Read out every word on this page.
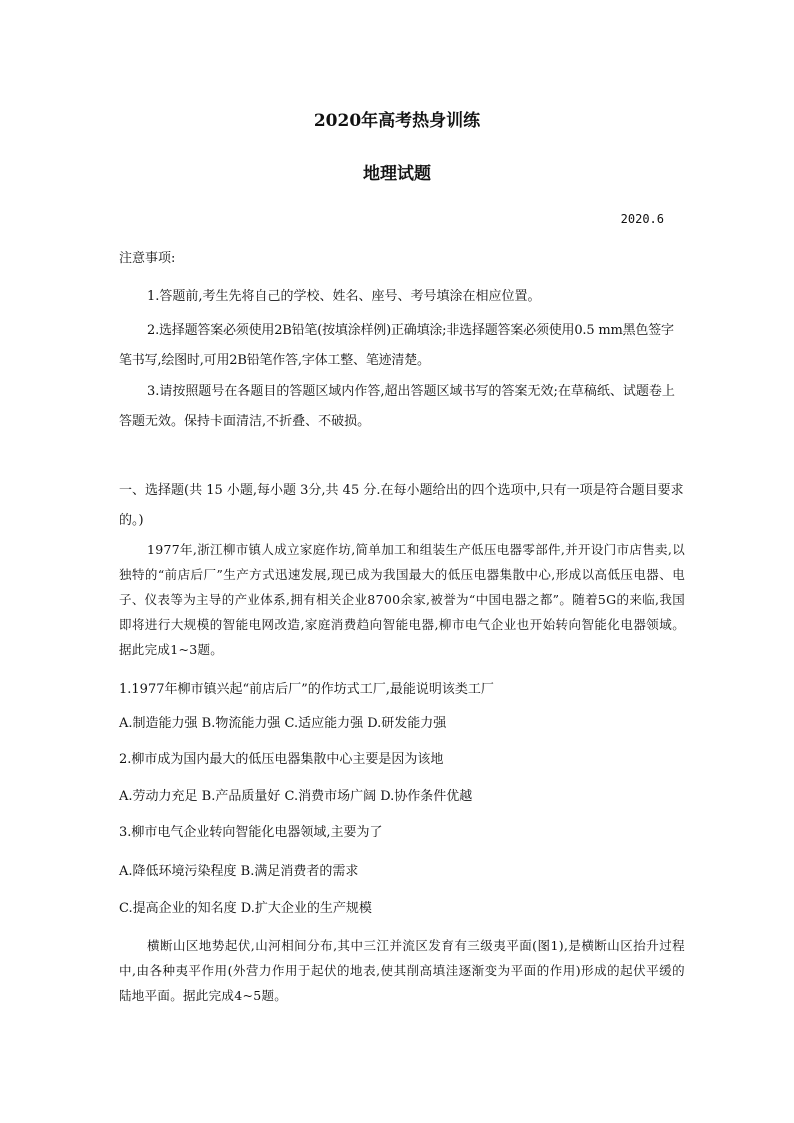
2020年高考热身训练
地理试题
2020.6
注意事项:
1.答题前,考生先将自己的学校、姓名、座号、考号填涂在相应位置。
2.选择题答案必须使用2B铅笔(按填涂样例)正确填涂;非选择题答案必须使用0.5 mm黑色签字笔书写,绘图时,可用2B铅笔作答,字体工整、笔迹清楚。
3.请按照题号在各题目的答题区域内作答,超出答题区域书写的答案无效;在草稿纸、试题卷上答题无效。保持卡面清洁,不折叠、不破损。
一、选择题(共 15 小题,每小题 3分,共 45 分.在每小题给出的四个选项中,只有一项是符合题目要求的。)
1977年,浙江柳市镇人成立家庭作坊,简单加工和组装生产低压电器零部件,并开设门市店售卖,以独特的“前店后厂”生产方式迅速发展,现已成为我国最大的低压电器集散中心,形成以高低压电器、电子、仪表等为主导的产业体系,拥有相关企业8700余家,被誉为“中国电器之都”。随着5G的来临,我国即将进行大规模的智能电网改造,家庭消费趋向智能电器,柳市电气企业也开始转向智能化电器领域。据此完成1~3题。
1.1977年柳市镇兴起“前店后厂”的作坊式工厂,最能说明该类工厂
A.制造能力强 B.物流能力强 C.适应能力强 D.研发能力强
2.柳市成为国内最大的低压电器集散中心主要是因为该地
A.劳动力充足 B.产品质量好 C.消费市场广阔 D.协作条件优越
3.柳市电气企业转向智能化电器领域,主要为了
A.降低环境污染程度 B.满足消费者的需求
C.提高企业的知名度 D.扩大企业的生产规模
横断山区地势起伏,山河相间分布,其中三江并流区发育有三级夷平面(图1),是横断山区抬升过程中,由各种夷平作用(外营力作用于起伏的地表,使其削高填洼逐渐变为平面的作用)形成的起伏平缓的陆地平面。据此完成4~5题。
